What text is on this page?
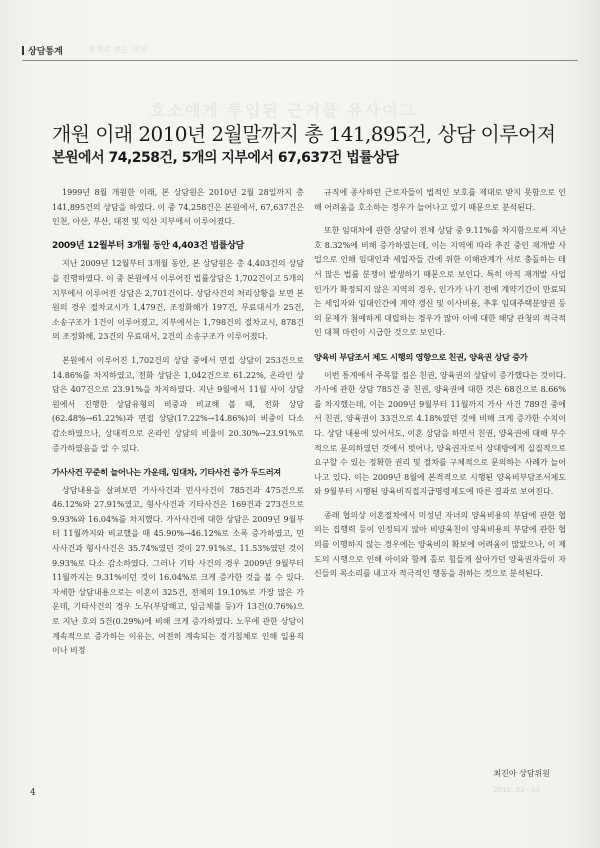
상담통계	통계로 보는 세상
호소에게 투입된 근거를 유사여그
개원 이래 2010년 2월말까지 총 141,895건, 상담 이루어져
본원에서 74,258건, 5개의 지부에서 67,637건 법률상담

1999년 8월 개원한 이래, 본 상담원은 2010년 2월 28일까지 총 141,895건의 상담을 하였다. 이 중 74,258건은 본원에서, 67,637건은 인천, 아산, 부산, 대전 및 익산 지부에서 이루어졌다.

2009년 12월부터 3개월 동안 4,403건 법률상담

지난 2009년 12월부터 3개월 동안, 본 상담원은 총 4,403건의 상담을 진행하였다. 이 중 본원에서 이루어진 법률상담은 1,702건이고 5개의 지부에서 이루어진 상담은 2,701건이다. 상담사건의 처리상황을 보면 본원의 경우 절차교시가 1,479건, 조정화해가 197건, 무료대서가 25건, 소송구조가 1건이 이루어졌고, 지부에서는 1,798건의 절차교시, 878건의 조정화해, 23건의 무료대서, 2건의 소송구조가 이루어졌다.

본원에서 이루어진 1,702건의 상담 중에서 면접 상담이 253건으로 14.86%를 차지하였고, 전화 상담은 1,042건으로 61.22%, 온라인 상담은 407건으로 23.91%을 차지하였다. 지난 9월에서 11월 사이 상담원에서 진행한 상담유형의 비중과 비교해 볼 때, 전화 상담(62.48%→61.22%)과 면접 상담(17.22%→14.86%)의 비중이 다소 감소하였으나, 상대적으로 온라인 상담의 비율이 20.30%→23.91%로 증가하였음을 알 수 있다.

가사사건 꾸준히 늘어나는 가운데, 임대차, 기타사건 증가 두드러져

상담내용을 살펴보면 가사사건과 민사사건이 785건과 475건으로 46.12%와 27.91%였고, 형사사건과 기타사건은 169건과 273건으로 9.93%와 16.04%를 차지했다. 가사사건에 대한 상담은 2009년 9월부터 11월까지와 비교했을 때 45.90%→46.12%로 소폭 증가하였고, 민사사건과 형사사건은 35.74%였던 것이 27.91%로, 11.53%였던 것이 9.93%로 다소 감소하였다. 그러나 기타 사건의 경우 2009년 9월부터 11월까지는 9.31%이던 것이 16.04%로 크게 증가한 것을 볼 수 있다. 자세한 상담내용으로는 이혼이 325건, 전체의 19.10%로 가장 많은 가운데, 기타사건의 경우 노무(부당해고, 임금체불 등)가 13건(0.76%)으로 지난 호의 5건(0.29%)에 비해 크게 증가하였다. 노무에 관한 상담이 계속적으로 증가하는 이유는, 여전히 계속되는 경기침체로 인해 일용직이나 비정

규직에 종사하던 근로자들이 법적인 보호를 제대로 받지 못함으로 인해 어려움을 호소하는 경우가 늘어나고 있기 때문으로 분석된다.

또한 임대차에 관한 상담이 전체 상담 중 9.11%를 차지함으로써 지난 호 8.32%에 비해 증가하였는데, 이는 지역에 따라 추진 중인 재개발 사업으로 인해 임대인과 세입자들 간에 위한 이해관계가 서로 충돌하는 데서 많은 법률 분쟁이 발생하기 때문으로 보인다. 특히 아직 재개발 사업 인가가 확정되지 않은 지역의 경우, 인가가 나기 전에 계약기간이 만료되는 세입자와 임대인간에 계약 갱신 및 이사비용, 추후 임대주택분양권 등의 문제가 첨예하게 대립하는 경우가 많아 이에 대한 해당 관청의 적극적인 대책 마련이 시급한 것으로 보인다.

양육비 부담조서 제도 시행의 영향으로 친권, 양육권 상담 증가

이번 통계에서 주목할 점은 친권, 양육권의 상담이 증가했다는 것이다. 가사에 관한 상담 785건 중 친권, 양육권에 대한 것은 68건으로 8.66%를 차지했는데, 이는 2009년 9월부터 11월까지 가사 사건 789건 중에서 친권, 양육권이 33건으로 4.18%였던 것에 비해 크게 증가한 수치이다. 상담 내용에 있어서도, 이혼 상담을 하면서 친권, 양육권에 대해 부수적으로 문의하였던 것에서 벗어나, 양육권자로서 상대방에게 실질적으로 요구할 수 있는 정확한 권리 및 절차를 구체적으로 문의하는 사례가 늘어나고 있다. 이는 2009년 8월에 본격적으로 시행된 양육비부담조서제도와 9월부터 시행된 양육비직접지급명령제도에 따른 결과로 보여진다.

종래 협의상 이혼절차에서 미성년 자녀의 양육비용의 부담에 관한 협의는 집행력 등이 인정되지 않아 비양육친이 양육비용의 부담에 관한 협의를 이행하지 않는 경우에는 양육비의 확보에 어려움이 많았으나, 이 제도의 시행으로 인해 아이와 함께 홀로 힘들게 살아가던 양육권자들이 자신들의 목소리를 내고자 적극적인 행동을 취하는 것으로 분석된다.

최진아 상담위원
4	2010. 03 · 04
